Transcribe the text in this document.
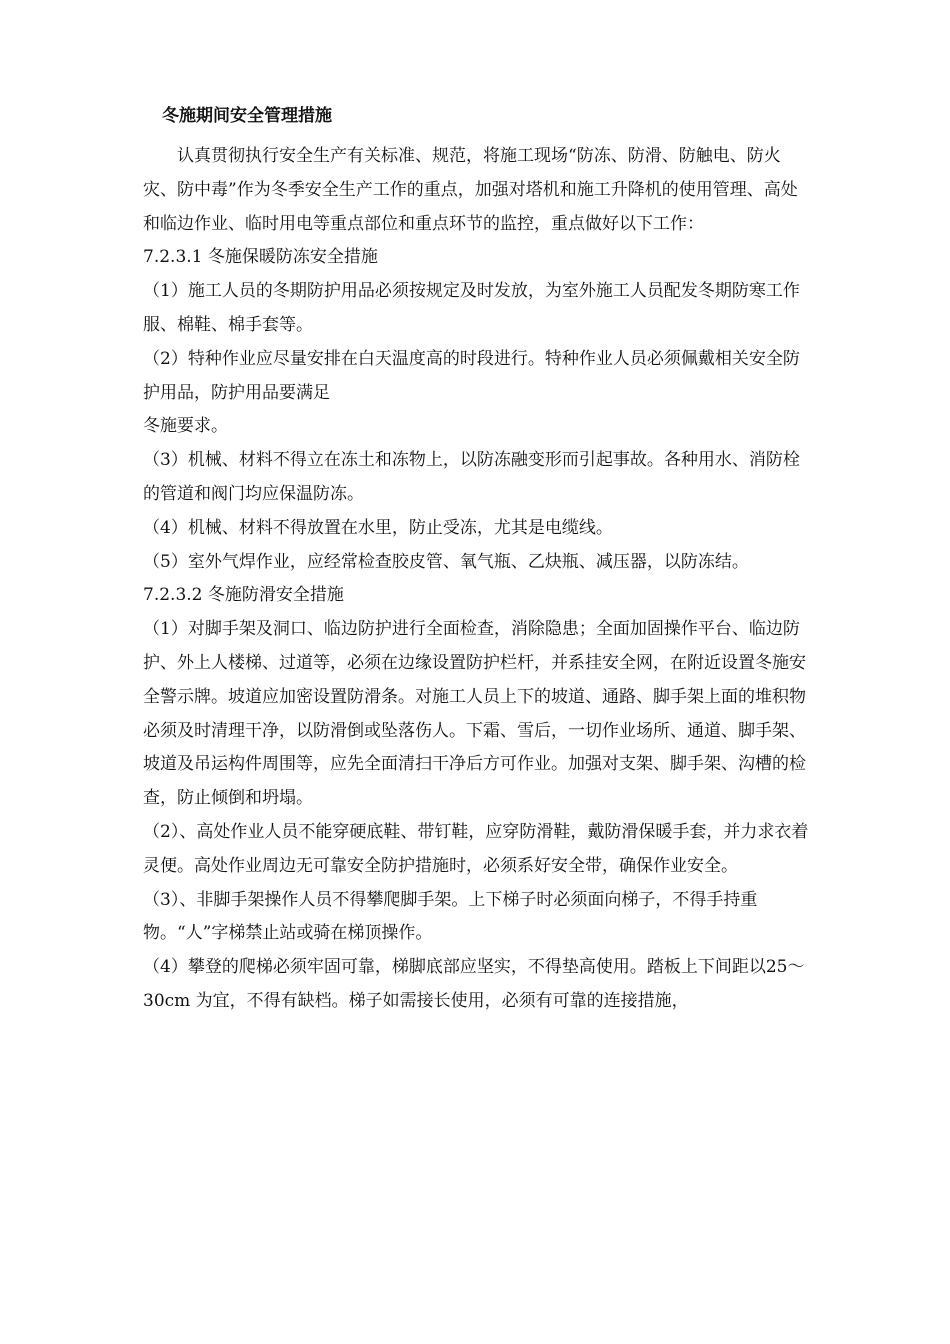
冬施期间安全管理措施

认真贯彻执行安全生产有关标准、规范，将施工现场“防冻、防滑、防触电、防火灾、防中毒”作为冬季安全生产工作的重点，加强对塔机和施工升降机的使用管理、高处和临边作业、临时用电等重点部位和重点环节的监控，重点做好以下工作：

7.2.3.1 冬施保暖防冻安全措施

（1）施工人员的冬期防护用品必须按规定及时发放，为室外施工人员配发冬期防寒工作服、棉鞋、棉手套等。

（2）特种作业应尽量安排在白天温度高的时段进行。特种作业人员必须佩戴相关安全防护用品，防护用品要满足

冬施要求。

（3）机械、材料不得立在冻土和冻物上，以防冻融变形而引起事故。各种用水、消防栓的管道和阀门均应保温防冻。

（4）机械、材料不得放置在水里，防止受冻，尤其是电缆线。

（5）室外气焊作业，应经常检查胶皮管、氧气瓶、乙炔瓶、减压器，以防冻结。

7.2.3.2 冬施防滑安全措施

（1）对脚手架及洞口、临边防护进行全面检查，消除隐患；全面加固操作平台、临边防护、外上人楼梯、过道等，必须在边缘设置防护栏杆，并系挂安全网，在附近设置冬施安全警示牌。坡道应加密设置防滑条。对施工人员上下的坡道、通路、脚手架上面的堆积物必须及时清理干净，以防滑倒或坠落伤人。下霜、雪后，一切作业场所、通道、脚手架、坡道及吊运构件周围等，应先全面清扫干净后方可作业。加强对支架、脚手架、沟槽的检查，防止倾倒和坍塌。

（2）、高处作业人员不能穿硬底鞋、带钉鞋，应穿防滑鞋，戴防滑保暖手套，并力求衣着灵便。高处作业周边无可靠安全防护措施时，必须系好安全带，确保作业安全。

（3）、非脚手架操作人员不得攀爬脚手架。上下梯子时必须面向梯子，不得手持重物。“人”字梯禁止站或骑在梯顶操作。

（4）攀登的爬梯必须牢固可靠，梯脚底部应坚实，不得垫高使用。踏板上下间距以25～30cm 为宜，不得有缺档。梯子如需接长使用，必须有可靠的连接措施，
